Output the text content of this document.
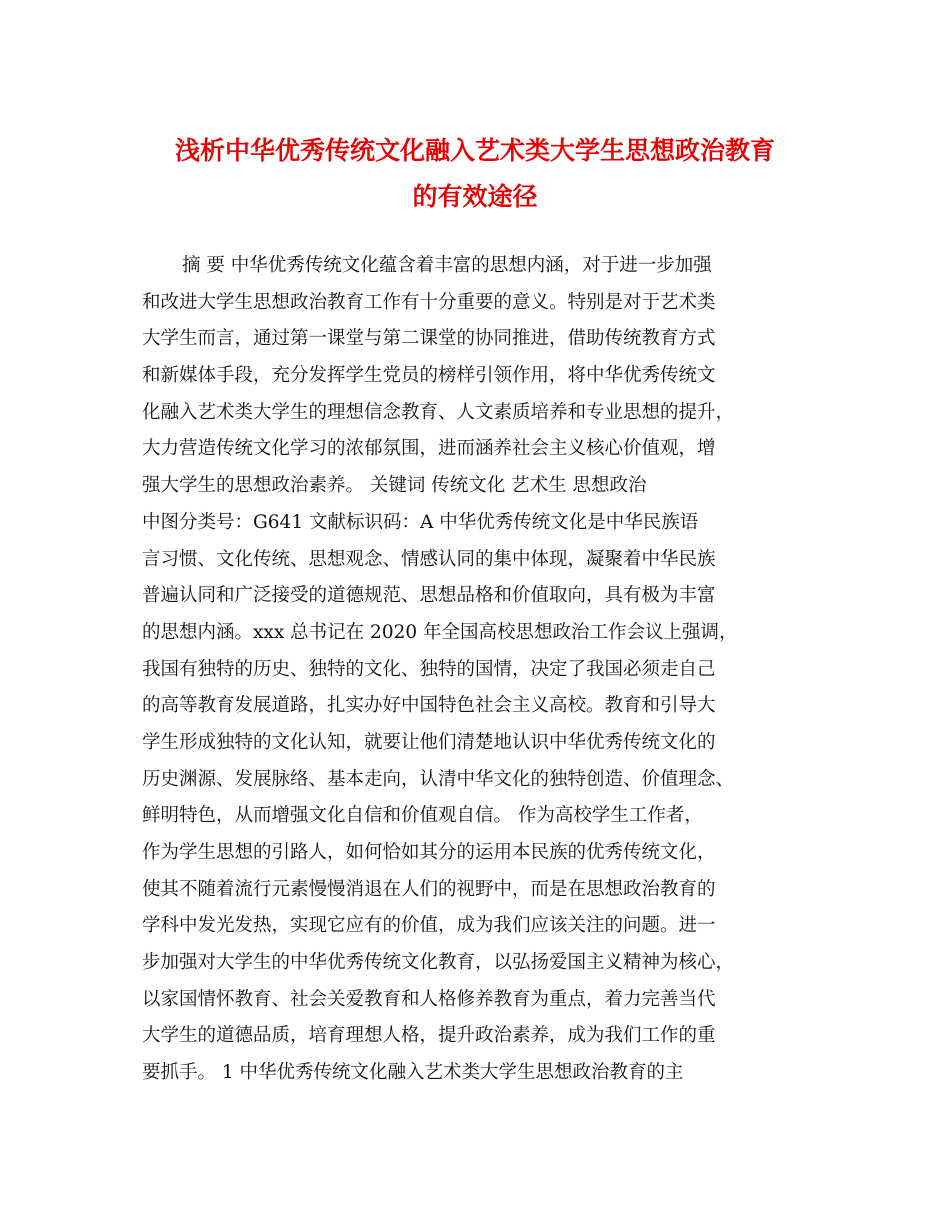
浅析中华优秀传统文化融入艺术类大学生思想政治教育
的有效途径
摘 要 中华优秀传统文化蕴含着丰富的思想内涵，对于进一步加强
和改进大学生思想政治教育工作有十分重要的意义。特别是对于艺术类
大学生而言，通过第一课堂与第二课堂的协同推进，借助传统教育方式
和新媒体手段，充分发挥学生党员的榜样引领作用，将中华优秀传统文
化融入艺术类大学生的理想信念教育、人文素质培养和专业思想的提升，
大力营造传统文化学习的浓郁氛围，进而涵养社会主义核心价值观，增
强大学生的思想政治素养。 关键词 传统文化 艺术生 思想政治
中图分类号：G641 文献标识码：A 中华优秀传统文化是中华民族语
言习惯、文化传统、思想观念、情感认同的集中体现，凝聚着中华民族
普遍认同和广泛接受的道德规范、思想品格和价值取向，具有极为丰富
的思想内涵。xxx 总书记在 2020 年全国高校思想政治工作会议上强调，
我国有独特的历史、独特的文化、独特的国情，决定了我国必须走自己
的高等教育发展道路，扎实办好中国特色社会主义高校。教育和引导大
学生形成独特的文化认知，就要让他们清楚地认识中华优秀传统文化的
历史渊源、发展脉络、基本走向，认清中华文化的独特创造、价值理念、
鲜明特色，从而增强文化自信和价值观自信。 作为高校学生工作者，
作为学生思想的引路人，如何恰如其分的运用本民族的优秀传统文化，
使其不随着流行元素慢慢消退在人们的视野中，而是在思想政治教育的
学科中发光发热，实现它应有的价值，成为我们应该关注的问题。进一
步加强对大学生的中华优秀传统文化教育，以弘扬爱国主义精神为核心，
以家国情怀教育、社会关爱教育和人格修养教育为重点，着力完善当代
大学生的道德品质，培育理想人格，提升政治素养，成为我们工作的重
要抓手。 1 中华优秀传统文化融入艺术类大学生思想政治教育的主
